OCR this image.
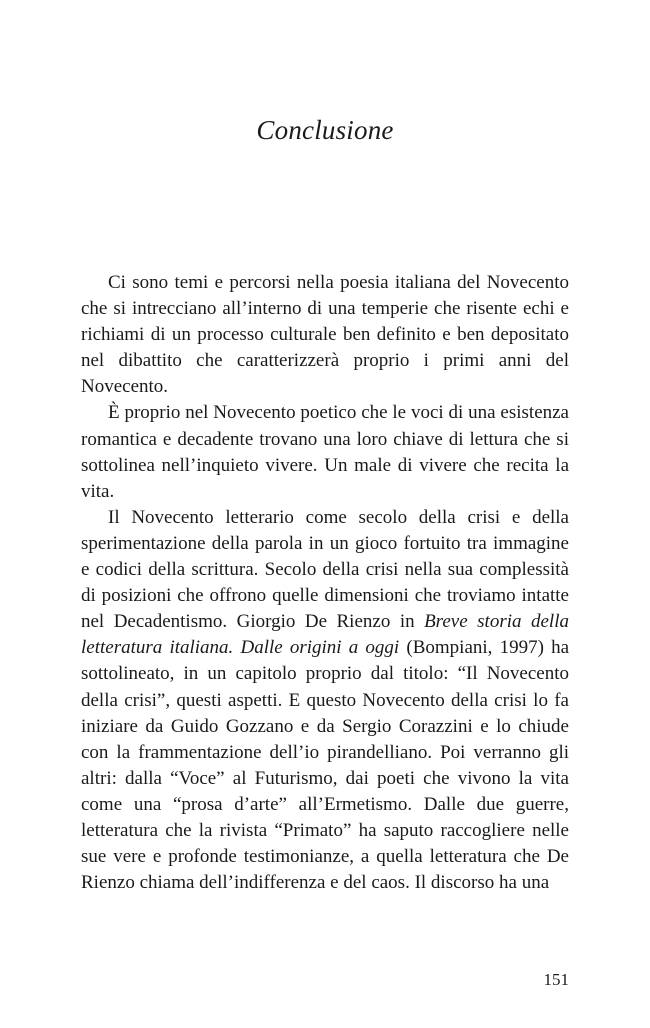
Conclusione

Ci sono temi e percorsi nella poesia italiana del Novecento che si intrecciano all’interno di una temperie che risente echi e richiami di un processo culturale ben definito e ben depositato nel dibattito che caratterizzerà proprio i primi anni del Novecento.

È proprio nel Novecento poetico che le voci di una esistenza romantica e decadente trovano una loro chiave di lettura che si sottolinea nell’inquieto vivere. Un male di vivere che recita la vita.

Il Novecento letterario come secolo della crisi e della sperimentazione della parola in un gioco fortuito tra immagine e codici della scrittura. Secolo della crisi nella sua complessità di posizioni che offrono quelle dimensioni che troviamo intatte nel Decadentismo. Giorgio De Rienzo in Breve storia della letteratura italiana. Dalle origini a oggi (Bompiani, 1997) ha sottolineato, in un capitolo proprio dal titolo: “Il Novecento della crisi”, questi aspetti. E questo Novecento della crisi lo fa iniziare da Guido Gozzano e da Sergio Corazzini e lo chiude con la frammentazione dell’io pirandelliano. Poi verranno gli altri: dalla “Voce” al Futurismo, dai poeti che vivono la vita come una “prosa d’arte” all’Ermetismo. Dalle due guerre, letteratura che la rivista “Primato” ha saputo raccogliere nelle sue vere e profonde testimonianze, a quella letteratura che De Rienzo chiama dell’indifferenza e del caos. Il discorso ha una

151
